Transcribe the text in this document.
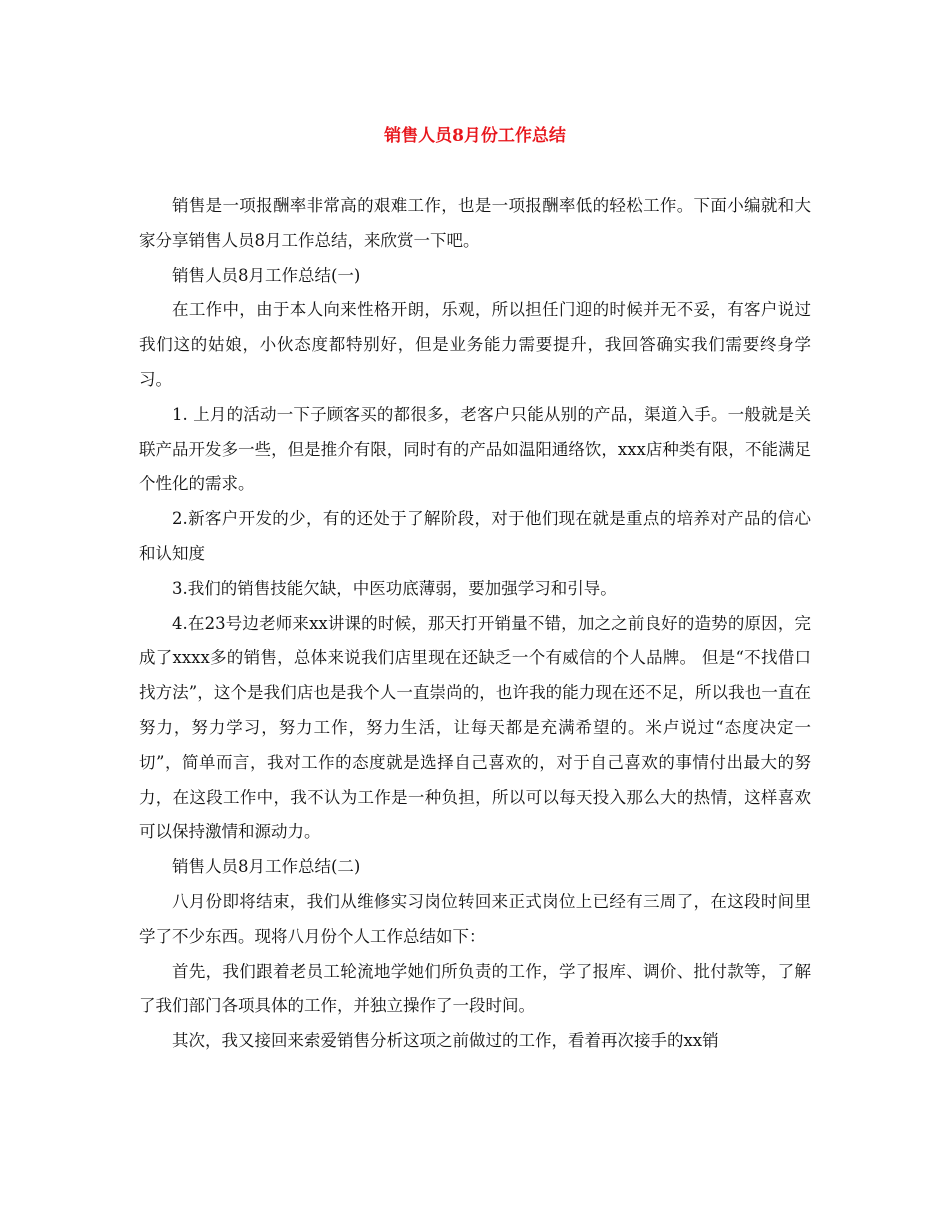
销售人员8月份工作总结

销售是一项报酬率非常高的艰难工作，也是一项报酬率低的轻松工作。下面小编就和大家分享销售人员8月工作总结，来欣赏一下吧。

销售人员8月工作总结(一)

在工作中，由于本人向来性格开朗，乐观，所以担任门迎的时候并无不妥，有客户说过我们这的姑娘，小伙态度都特别好，但是业务能力需要提升，我回答确实我们需要终身学习。

1. 上月的活动一下子顾客买的都很多，老客户只能从别的产品，渠道入手。一般就是关联产品开发多一些，但是推介有限，同时有的产品如温阳通络饮，xxx店种类有限，不能满足个性化的需求。

2.新客户开发的少，有的还处于了解阶段，对于他们现在就是重点的培养对产品的信心和认知度

3.我们的销售技能欠缺，中医功底薄弱，要加强学习和引导。

4.在23号边老师来xx讲课的时候，那天打开销量不错，加之之前良好的造势的原因，完成了xxxx多的销售，总体来说我们店里现在还缺乏一个有威信的个人品牌。 但是“不找借口找方法”，这个是我们店也是我个人一直崇尚的，也许我的能力现在还不足，所以我也一直在努力，努力学习，努力工作，努力生活，让每天都是充满希望的。米卢说过“态度决定一切”，简单而言，我对工作的态度就是选择自己喜欢的，对于自己喜欢的事情付出最大的努力，在这段工作中，我不认为工作是一种负担，所以可以每天投入那么大的热情，这样喜欢可以保持激情和源动力。

销售人员8月工作总结(二)

八月份即将结束，我们从维修实习岗位转回来正式岗位上已经有三周了，在这段时间里学了不少东西。现将八月份个人工作总结如下：

首先，我们跟着老员工轮流地学她们所负责的工作，学了报库、调价、批付款等，了解了我们部门各项具体的工作，并独立操作了一段时间。

其次，我又接回来索爱销售分析这项之前做过的工作，看着再次接手的xx销
